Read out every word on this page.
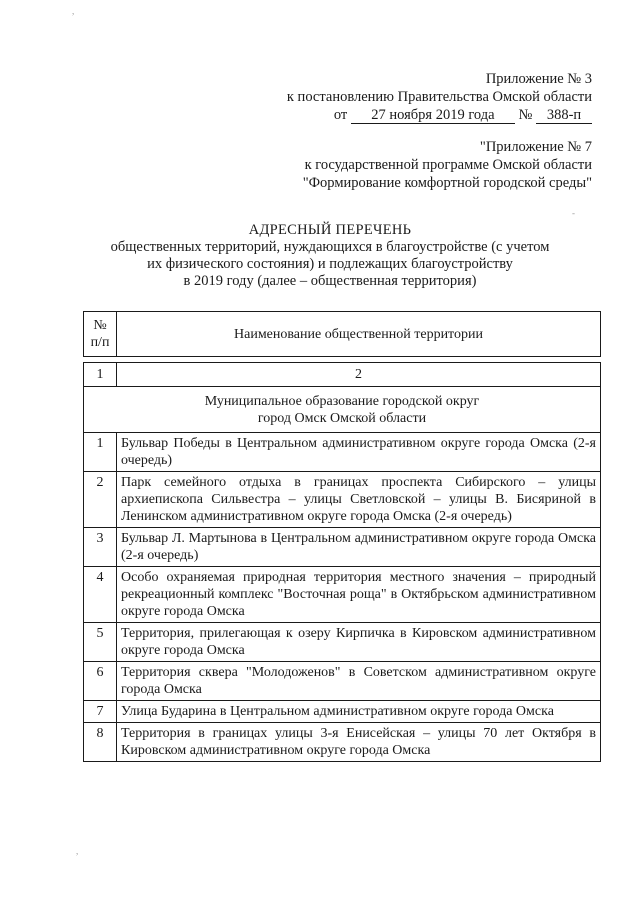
,
-
,
Приложение № 3
к постановлению Правительства Омской области
от 27 ноября 2019 года № 388-п
"Приложение № 7
к государственной программе Омской области
"Формирование комфортной городской среды"
АДРЕСНЫЙ ПЕРЕЧЕНЬ
общественных территорий, нуждающихся в благоустройстве (с учетом
их физического состояния) и подлежащих благоустройству
в 2019 году (далее – общественная территория)
№
п/п
	Наименование общественной территории
1	2

Муниципальное образование городской округ
город Омск Омской области	

1	Бульвар Победы в Центральном административном округе города Омска (2-я очередь)
2	Парк семейного отдыха в границах проспекта Сибирского – улицы архиепископа Сильвестра – улицы Светловской – улицы В. Бисяриной в Ленинском административном округе города Омска (2-я очередь)
3	Бульвар Л. Мартынова в Центральном административном округе города Омска (2-я очередь)
4	Особо охраняемая природная территория местного значения – природный рекреационный комплекс "Восточная роща" в Октябрьском административном округе города Омска
5	Территория, прилегающая к озеру Кирпичка в Кировском административном округе города Омска
6	Территория сквера "Молодоженов" в Советском административном округе города Омска
7	Улица Бударина в Центральном административном округе города Омска
8	Территория в границах улицы 3-я Енисейская – улицы 70 лет Октября в Кировском административном округе города Омска
